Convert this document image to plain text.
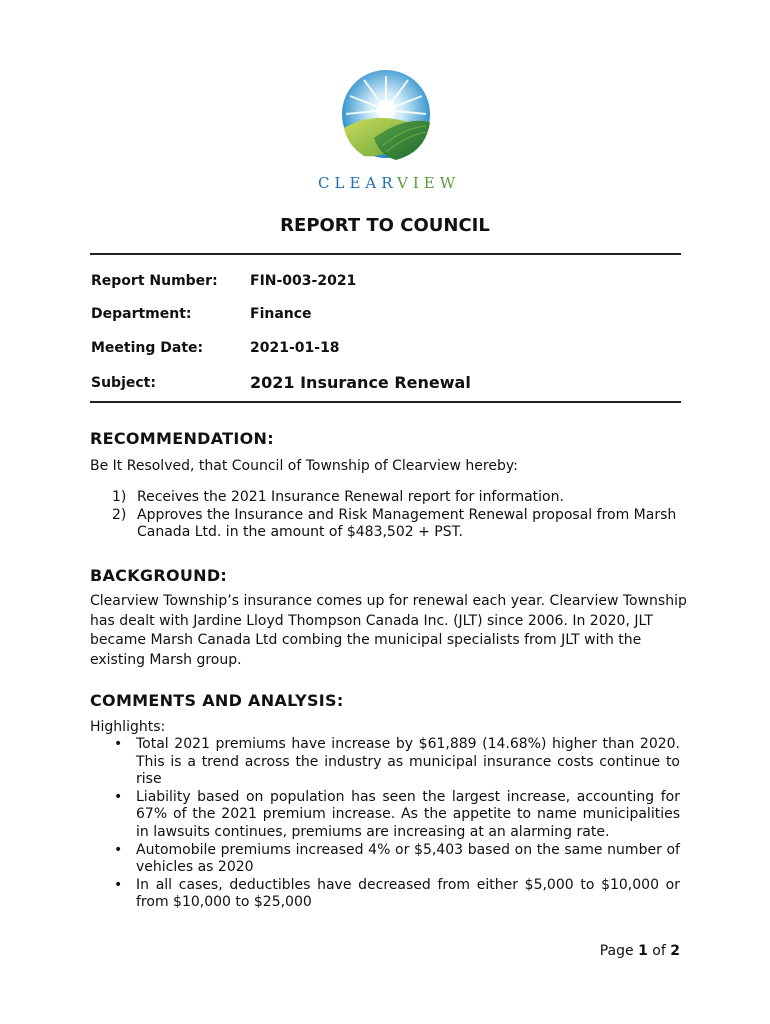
CLEARVIEW
REPORT TO COUNCIL
Report Number: FIN-003-2021
Department:	Finance
Meeting Date:	2021-01-18
Subject:	2021 Insurance Renewal
RECOMMENDATION:

Be It Resolved, that Council of Township of Clearview hereby:

1) Receives the 2021 Insurance Renewal report for information.
2) Approves the Insurance and Risk Management Renewal proposal from Marsh Canada Ltd. in the amount of $483,502 + PST.
BACKGROUND:

Clearview Township’s insurance comes up for renewal each year. Clearview Township has dealt with Jardine Lloyd Thompson Canada Inc. (JLT) since 2006. In 2020, JLT became Marsh Canada Ltd combing the municipal specialists from JLT with the existing Marsh group.

COMMENTS AND ANALYSIS:
Highlights:
• Total 2021 premiums have increase by $61,889 (14.68%) higher than 2020. This is a trend across the industry as municipal insurance costs continue to rise
• Liability based on population has seen the largest increase, accounting for 67% of the 2021 premium increase. As the appetite to name municipalities in lawsuits continues, premiums are increasing at an alarming rate.
• Automobile premiums increased 4% or $5,403 based on the same number of vehicles as 2020
• In all cases, deductibles have decreased from either $5,000 to $10,000 or from $10,000 to $25,000
Page 1 of 2
